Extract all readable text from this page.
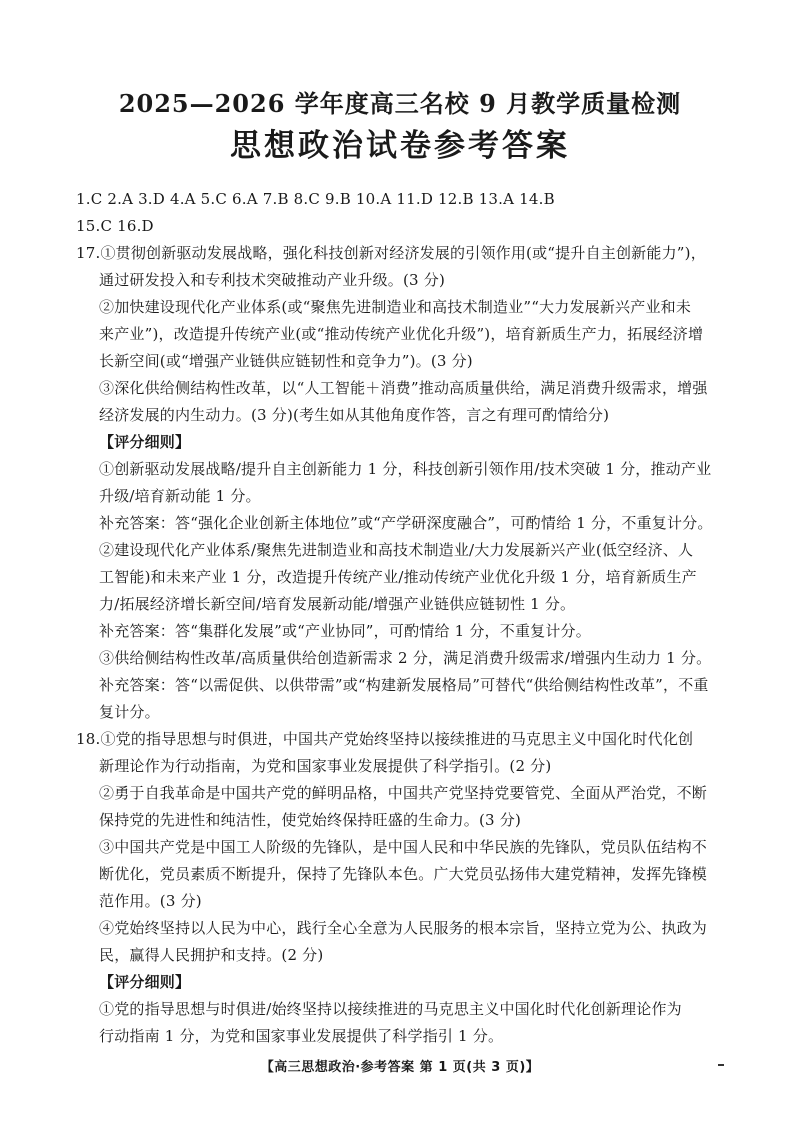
2025—2026 学年度高三名校 9 月教学质量检测
思想政治试卷参考答案
1.C 2.A 3.D 4.A 5.C 6.A 7.B 8.C 9.B 10.A 11.D 12.B 13.A 14.B
15.C 16.D
17.①贯彻创新驱动发展战略，强化科技创新对经济发展的引领作用(或“提升自主创新能力”)，
通过研发投入和专利技术突破推动产业升级。(3 分)
②加快建设现代化产业体系(或“聚焦先进制造业和高技术制造业”“大力发展新兴产业和未
来产业”)，改造提升传统产业(或“推动传统产业优化升级”)，培育新质生产力，拓展经济增
长新空间(或“增强产业链供应链韧性和竞争力”)。(3 分)
③深化供给侧结构性改革，以“人工智能＋消费”推动高质量供给，满足消费升级需求，增强
经济发展的内生动力。(3 分)(考生如从其他角度作答，言之有理可酌情给分)
【评分细则】
①创新驱动发展战略/提升自主创新能力 1 分，科技创新引领作用/技术突破 1 分，推动产业
升级/培育新动能 1 分。
补充答案：答“强化企业创新主体地位”或“产学研深度融合”，可酌情给 1 分，不重复计分。
②建设现代化产业体系/聚焦先进制造业和高技术制造业/大力发展新兴产业(低空经济、人
工智能)和未来产业 1 分，改造提升传统产业/推动传统产业优化升级 1 分，培育新质生产
力/拓展经济增长新空间/培育发展新动能/增强产业链供应链韧性 1 分。
补充答案：答“集群化发展”或“产业协同”，可酌情给 1 分，不重复计分。
③供给侧结构性改革/高质量供给创造新需求 2 分，满足消费升级需求/增强内生动力 1 分。
补充答案：答“以需促供、以供带需”或“构建新发展格局”可替代“供给侧结构性改革”，不重
复计分。
18.①党的指导思想与时俱进，中国共产党始终坚持以接续推进的马克思主义中国化时代化创
新理论作为行动指南，为党和国家事业发展提供了科学指引。(2 分)
②勇于自我革命是中国共产党的鲜明品格，中国共产党坚持党要管党、全面从严治党，不断
保持党的先进性和纯洁性，使党始终保持旺盛的生命力。(3 分)
③中国共产党是中国工人阶级的先锋队，是中国人民和中华民族的先锋队，党员队伍结构不
断优化，党员素质不断提升，保持了先锋队本色。广大党员弘扬伟大建党精神，发挥先锋模
范作用。(3 分)
④党始终坚持以人民为中心，践行全心全意为人民服务的根本宗旨，坚持立党为公、执政为
民，赢得人民拥护和支持。(2 分)
【评分细则】
①党的指导思想与时俱进/始终坚持以接续推进的马克思主义中国化时代化创新理论作为
行动指南 1 分，为党和国家事业发展提供了科学指引 1 分。
【高三思想政治·参考答案 第 1 页(共 3 页)】
